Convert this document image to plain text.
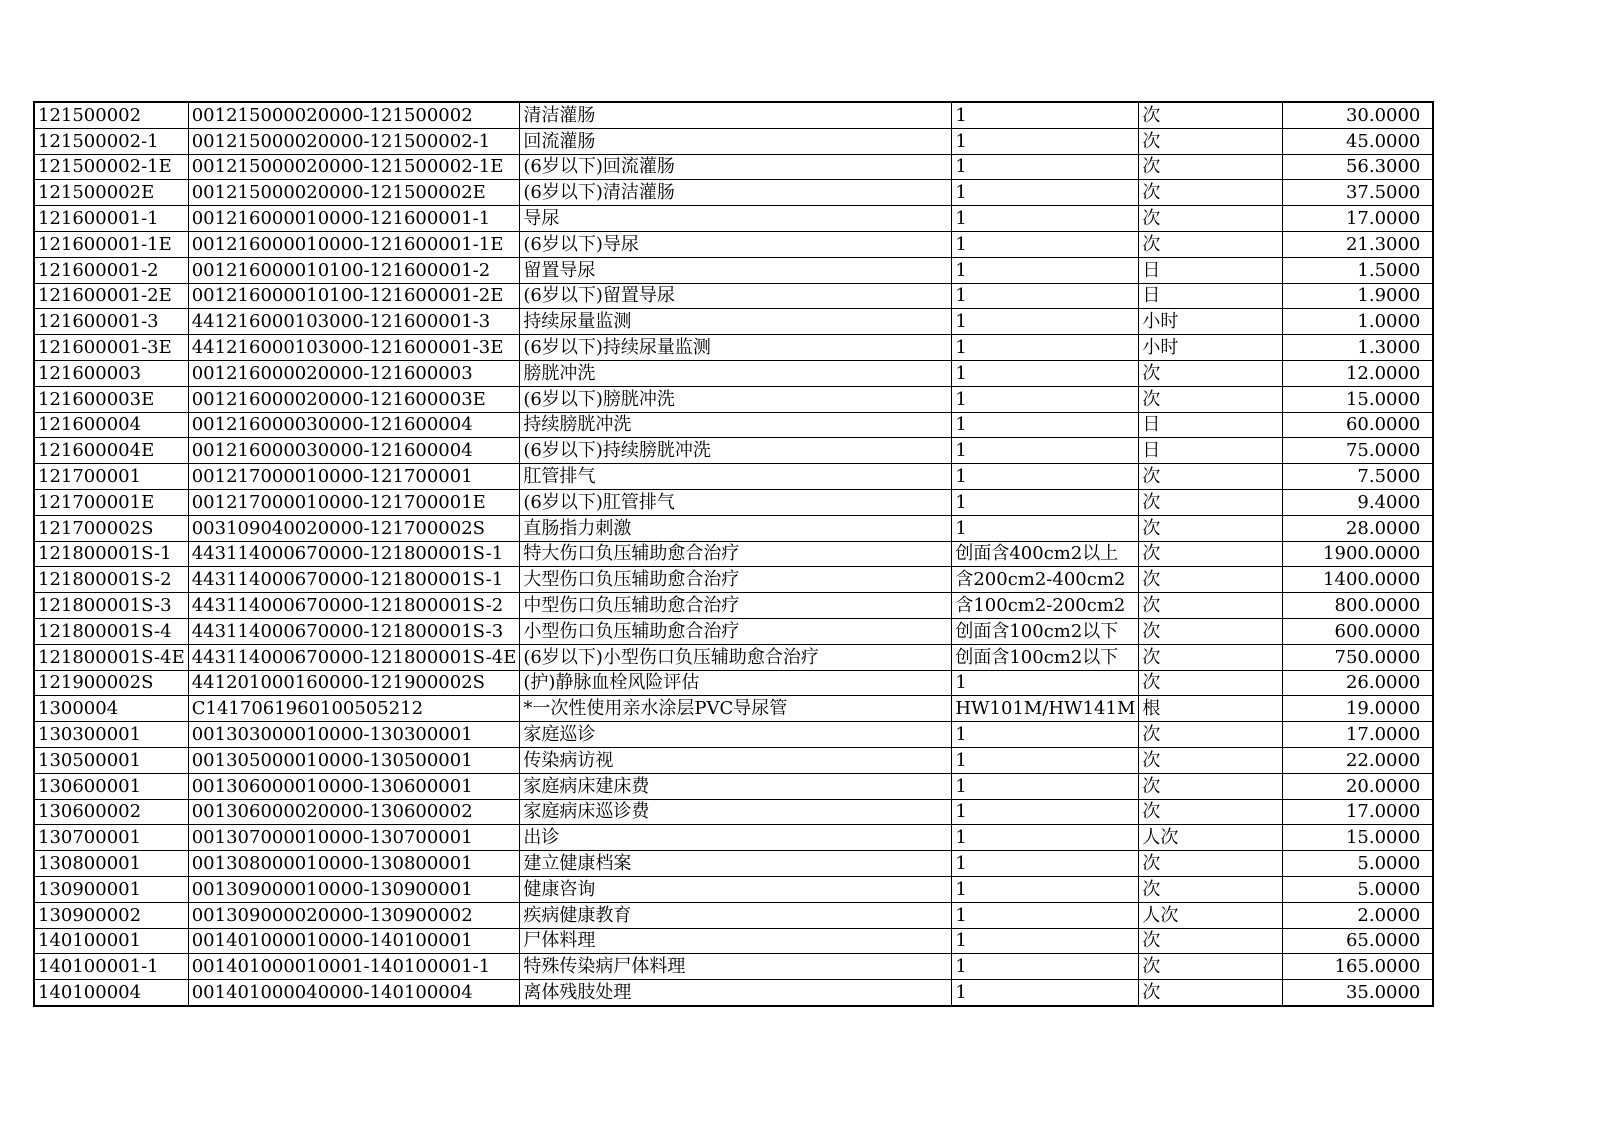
121500002	001215000020000-121500002	清洁灌肠	1	次	30.0000
121500002-1	001215000020000-121500002-1	回流灌肠	1	次	45.0000
121500002-1E	001215000020000-121500002-1E	(6岁以下)回流灌肠	1	次	56.3000
121500002E	001215000020000-121500002E	(6岁以下)清洁灌肠	1	次	37.5000
121600001-1	001216000010000-121600001-1	导尿	1	次	17.0000
121600001-1E	001216000010000-121600001-1E	(6岁以下)导尿	1	次	21.3000
121600001-2	001216000010100-121600001-2	留置导尿	1	日	1.5000
121600001-2E	001216000010100-121600001-2E	(6岁以下)留置导尿	1	日	1.9000
121600001-3	441216000103000-121600001-3	持续尿量监测	1	小时	1.0000
121600001-3E	441216000103000-121600001-3E	(6岁以下)持续尿量监测	1	小时	1.3000
121600003	001216000020000-121600003	膀胱冲洗	1	次	12.0000
121600003E	001216000020000-121600003E	(6岁以下)膀胱冲洗	1	次	15.0000
121600004	001216000030000-121600004	持续膀胱冲洗	1	日	60.0000
121600004E	001216000030000-121600004	(6岁以下)持续膀胱冲洗	1	日	75.0000
121700001	001217000010000-121700001	肛管排气	1	次	7.5000
121700001E	001217000010000-121700001E	(6岁以下)肛管排气	1	次	9.4000
121700002S	003109040020000-121700002S	直肠指力刺激	1	次	28.0000
121800001S-1	443114000670000-121800001S-1	特大伤口负压辅助愈合治疗	创面含400cm2以上	次	1900.0000
121800001S-2	443114000670000-121800001S-1	大型伤口负压辅助愈合治疗	含200cm2-400cm2	次	1400.0000
121800001S-3	443114000670000-121800001S-2	中型伤口负压辅助愈合治疗	含100cm2-200cm2	次	800.0000
121800001S-4	443114000670000-121800001S-3	小型伤口负压辅助愈合治疗	创面含100cm2以下	次	600.0000
121800001S-4E	443114000670000-121800001S-4E	(6岁以下)小型伤口负压辅助愈合治疗	创面含100cm2以下	次	750.0000
121900002S	441201000160000-121900002S	(护)静脉血栓风险评估	1	次	26.0000
1300004	C1417061960100505212	*一次性使用亲水涂层PVC导尿管	HW101M/HW141M	根	19.0000
130300001	001303000010000-130300001	家庭巡诊	1	次	17.0000
130500001	001305000010000-130500001	传染病访视	1	次	22.0000
130600001	001306000010000-130600001	家庭病床建床费	1	次	20.0000
130600002	001306000020000-130600002	家庭病床巡诊费	1	次	17.0000
130700001	001307000010000-130700001	出诊	1	人次	15.0000
130800001	001308000010000-130800001	建立健康档案	1	次	5.0000
130900001	001309000010000-130900001	健康咨询	1	次	5.0000
130900002	001309000020000-130900002	疾病健康教育	1	人次	2.0000
140100001	001401000010000-140100001	尸体料理	1	次	65.0000
140100001-1	001401000010001-140100001-1	特殊传染病尸体料理	1	次	165.0000
140100004	001401000040000-140100004	离体残肢处理	1	次	35.0000
